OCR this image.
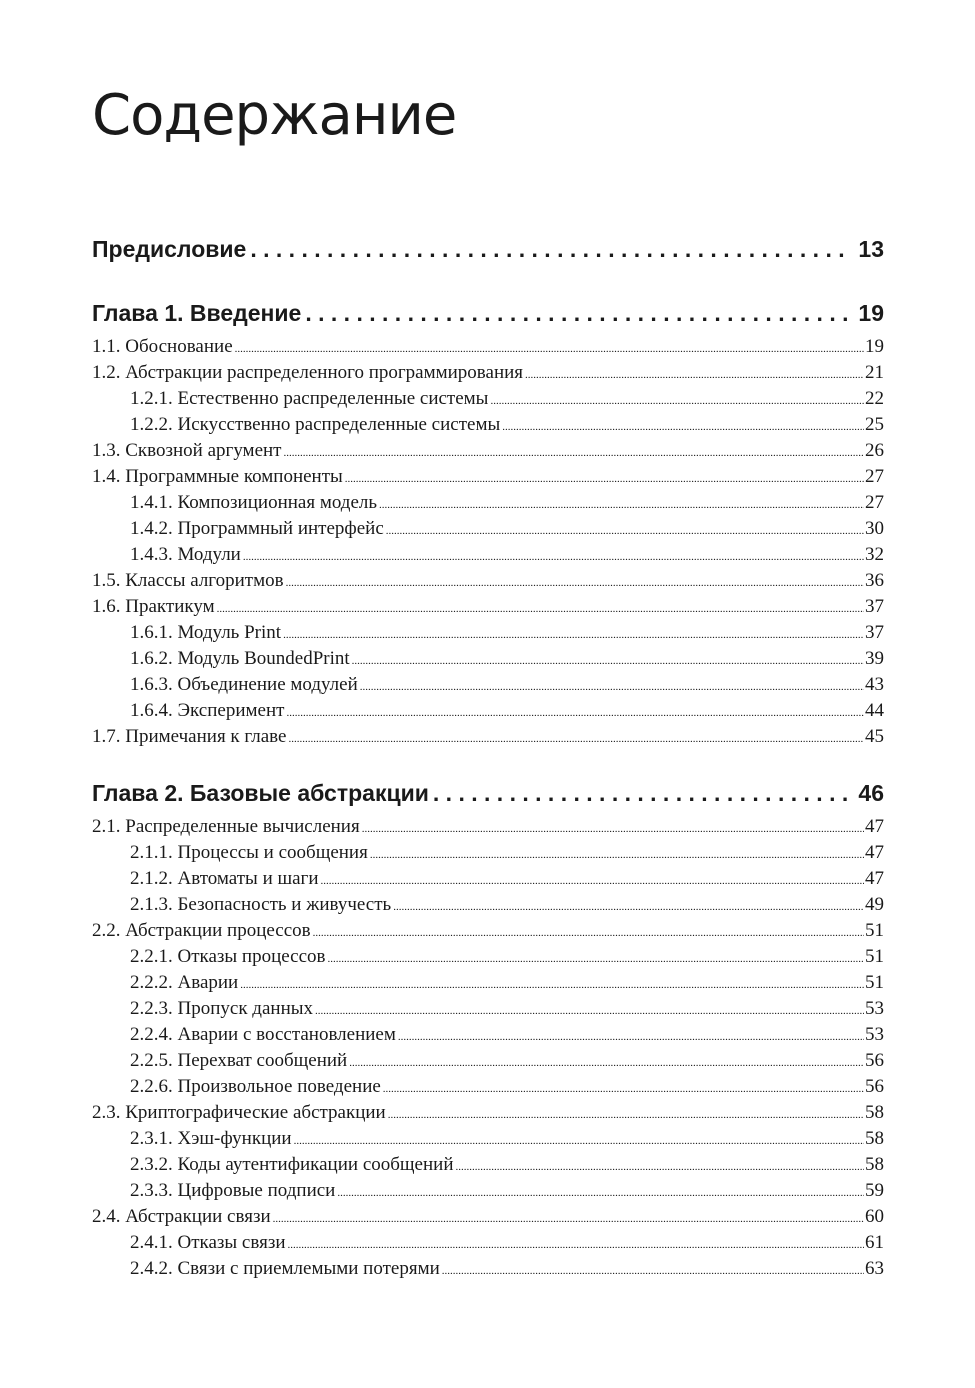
Содержание
Предисловие . . .	13
Глава 1. Введение . . .	19
1.1. Обоснование .....	19
1.2. Абстракции распределенного программирования .....	21
1.2.1. Естественно распределенные системы .....	22
1.2.2. Искусственно распределенные системы .....	25
1.3. Сквозной аргумент .....	26
1.4. Программные компоненты .....	27
1.4.1. Композиционная модель .....	27
1.4.2. Программный интерфейс .....	30
1.4.3. Модули .....	32
1.5. Классы алгоритмов .....	36
1.6. Практикум .....	37
1.6.1. Модуль Print .....	37
1.6.2. Модуль BoundedPrint .....	39
1.6.3. Объединение модулей .....	43
1.6.4. Эксперимент .....	44
1.7. Примечания к главе .....	45
Глава 2. Базовые абстракции . . .	46
2.1. Распределенные вычисления .....	47
2.1.1. Процессы и сообщения .....	47
2.1.2. Автоматы и шаги .....	47
2.1.3. Безопасность и живучесть .....	49
2.2. Абстракции процессов .....	51
2.2.1. Отказы процессов .....	51
2.2.2. Аварии .....	51
2.2.3. Пропуск данных .....	53
2.2.4. Аварии с восстановлением .....	53
2.2.5. Перехват сообщений .....	56
2.2.6. Произвольное поведение .....	56
2.3. Криптографические абстракции .....	58
2.3.1. Хэш-функции .....	58
2.3.2. Коды аутентификации сообщений .....	58
2.3.3. Цифровые подписи .....	59
2.4. Абстракции связи .....	60
2.4.1. Отказы связи .....	61
2.4.2. Связи с приемлемыми потерями .....	63
